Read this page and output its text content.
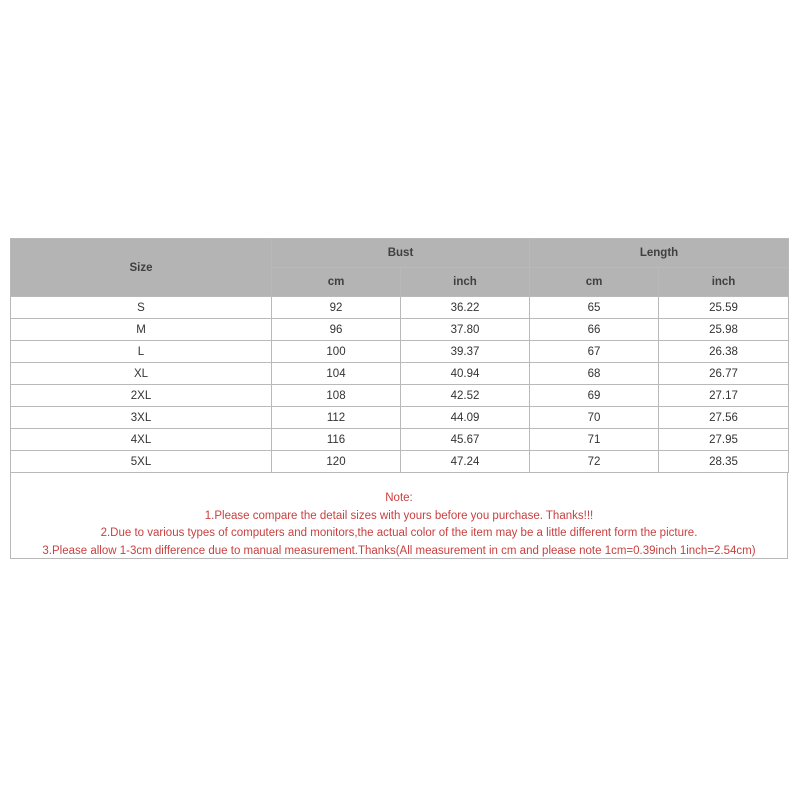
Size	Bust		Length	
	cm	inch	cm	inch
S	92	36.22	65	25.59
M	96	37.80	66	25.98
L	100	39.37	67	26.38
XL	104	40.94	68	26.77
2XL	108	42.52	69	27.17
3XL	112	44.09	70	27.56
4XL	116	45.67	71	27.95
5XL	120	47.24	72	28.35
Note:
1.Please compare the detail sizes with yours before you purchase. Thanks!!!
2.Due to various types of computers and monitors,the actual color of the item may be a little different form the picture.
3.Please allow 1-3cm difference due to manual measurement.Thanks(All measurement in cm and please note 1cm=0.39inch 1inch=2.54cm)
